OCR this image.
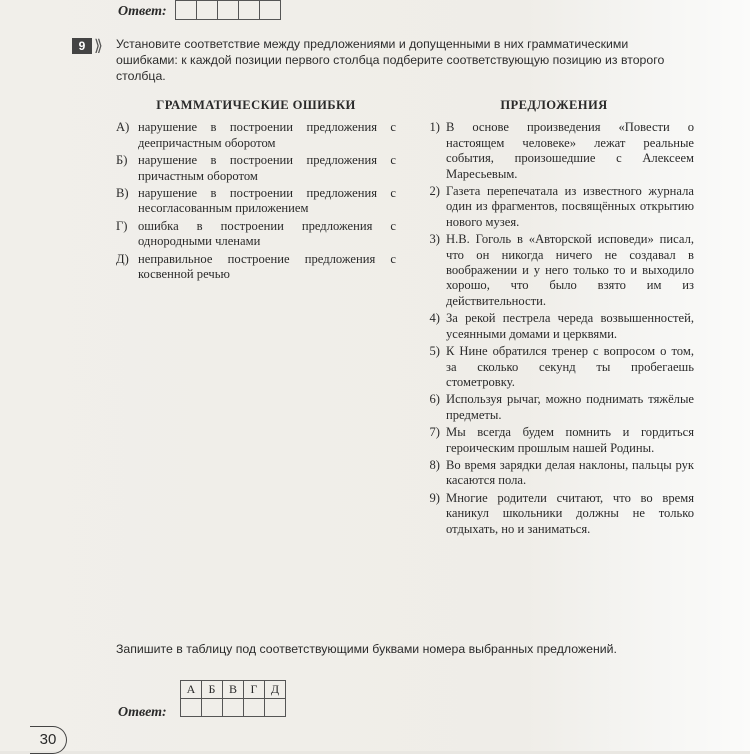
Ответ:
9 ⟫ Установите соответствие между предложениями и допущенными в них грамматическими ошибками: к каждой позиции первого столбца подберите соответствующую позицию из второго столбца.
ГРАММАТИЧЕСКИЕ ОШИБКИ
А) нарушение в построении предложения с деепричастным оборотом
Б) нарушение в построении предложения с причастным оборотом
В) нарушение в построении предложения с несогласованным приложением
Г) ошибка в построении предложения с однородными членами
Д) неправильное построение предложения с косвенной речью
ПРЕДЛОЖЕНИЯ
1) В основе произведения «Повести о настоящем человеке» лежат реальные события, произошедшие с Алексеем Маресьевым.
2) Газета перепечатала из известного журнала один из фрагментов, посвящённых открытию нового музея.
3) Н.В. Гоголь в «Авторской исповеди» писал, что он никогда ничего не создавал в воображении и у него только то и выходило хорошо, что было взято им из действительности.
4) За рекой пестрела череда возвышенностей, усеянными домами и церквями.
5) К Нине обратился тренер с вопросом о том, за сколько секунд ты пробегаешь стометровку.
6) Используя рычаг, можно поднимать тяжёлые предметы.
7) Мы всегда будем помнить и гордиться героическим прошлым нашей Родины.
8) Во время зарядки делая наклоны, пальцы рук касаются пола.
9) Многие родители считают, что во время каникул школьники должны не только отдыхать, но и заниматься.
Запишите в таблицу под соответствующими буквами номера выбранных предложений.
А	Б	В	Г	Д

Ответ:
30
